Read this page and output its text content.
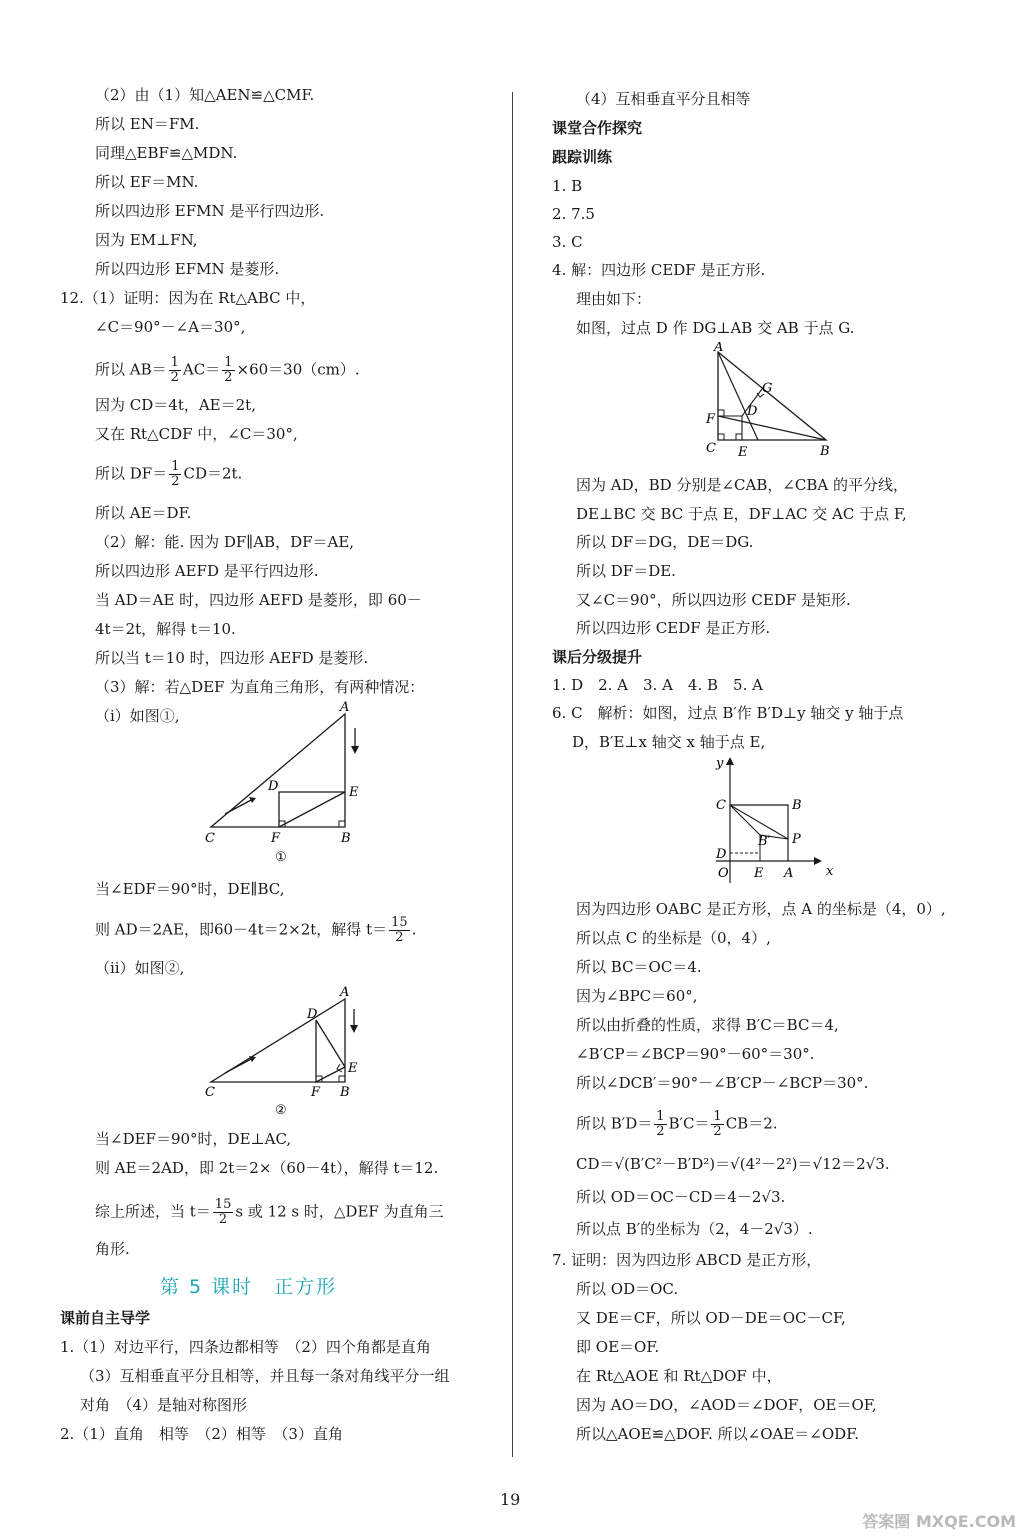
（2）由（1）知△AEN≌△CMF.
所以 EN＝FM.
同理△EBF≌△MDN.
所以 EF＝MN.
所以四边形 EFMN 是平行四边形.
因为 EM⊥FN,
所以四边形 EFMN 是菱形.
12.（1）证明：因为在 Rt△ABC 中，
∠C＝90°－∠A＝30°,
所以 $AB= \frac{1}{2} AC= \frac{1}{2} \times 60=30(cm)$.
因为 CD＝4t，AE＝2t,
又在 Rt△CDF 中，∠C＝30°,
所以 $DF= \frac{1}{2} CD=2t$.
所以 AE＝DF.
（2）解：能. 因为 DF∥AB，DF＝AE,
所以四边形 AEFD 是平行四边形.
当 AD＝AE 时，四边形 AEFD 是菱形，即 60－
4t＝2t，解得 t＝10.
所以当 t＝10 时，四边形 AEFD 是菱形.
（3）解：若△DEF 为直角三角形，有两种情况：
（i）如图①,	A
B
C
D	E
F
①
当∠EDF＝90°时，DE∥BC,
则 AD＝2AE，即60－4t＝2×2t，解得 $t= \frac{15}{2}$ .
（ii）如图②,
A
B
C
D
E
F
②
当∠DEF＝90°时，DE⊥AC,
则 AE＝2AD，即 2t＝2×（60－4t），解得 t＝12.
综上所述，当 $t= \frac{15}{2}$ s 或 12 s 时，△DEF 为直角三
角形.
第 5 课时　正方形
课前自主导学
1.（1）对边平行，四条边都相等　（2）四个角都是直角
（3）互相垂直平分且相等，并且每一条对角线平分一组
对角　（4）是轴对称图形
2.（1）直角　相等　（2）相等　（3）直角
（4）互相垂直平分且相等
课堂合作探究
跟踪训练
1. B
2. 7.5
3. C
4. 解：四边形 CEDF 是正方形.
理由如下：
如图，过点 D 作 DG⊥AB 交 AB 于点 G.
A
B
C
D
E
F
G
因为 AD，BD 分别是∠CAB，∠CBA 的平分线，
DE⊥BC 交 BC 于点 E，DF⊥AC 交 AC 于点 F,
所以 DF＝DG，DE＝DG.
所以 DF＝DE.
又∠C＝90°，所以四边形 CEDF 是矩形.
所以四边形 CEDF 是正方形.
课后分级提升
1. D　2. A　3. A　4. B　5. A
6. C　解析：如图，过点 B′作 B′D⊥y 轴交 y 轴于点
D，B′E⊥x 轴交 x 轴于点 E,
y
x
O
C	B
P
B′
D
E A
因为四边形 OABC 是正方形，点 A 的坐标是（4，0）,
所以点 C 的坐标是（0，4）,
所以 BC＝OC＝4.
因为∠BPC＝60°,
所以由折叠的性质，求得 B′C＝BC＝4,
∠B′CP＝∠BCP＝90°－60°＝30°.
所以∠DCB′＝90°－∠B′CP－∠BCP＝30°.
所以 $B'D= \frac{1}{2} B'C= \frac{1}{2} CB=2$.
CD＝√(B′C²－B′D²)＝√(4²－2²)＝√12＝2√3.
所以 OD＝OC－CD＝4－2√3.
所以点 B′的坐标为（2，4－2√3）.
7. 证明：因为四边形 ABCD 是正方形，
所以 OD＝OC.
又 DE＝CF，所以 OD－DE＝OC－CF,
即 OE＝OF.
在 Rt△AOE 和 Rt△DOF 中，
因为 AO＝DO，∠AOD＝∠DOF，OE＝OF,
所以△AOE≌△DOF. 所以∠OAE＝∠ODF.
19
答案圈 MXQE.COM
